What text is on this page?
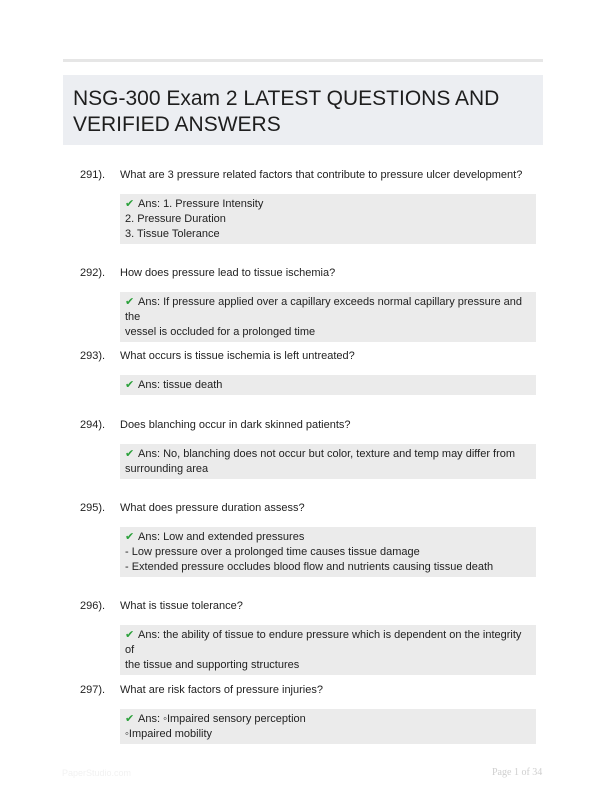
NSG-300 Exam 2 LATEST QUESTIONS AND VERIFIED ANSWERS
291). What are 3 pressure related factors that contribute to pressure ulcer development?
✔ Ans: 1. Pressure Intensity
2. Pressure Duration
3. Tissue Tolerance
292). How does pressure lead to tissue ischemia?
✔ Ans: If pressure applied over a capillary exceeds normal capillary pressure and the
vessel is occluded for a prolonged time
293). What occurs is tissue ischemia is left untreated?
✔ Ans: tissue death
294). Does blanching occur in dark skinned patients?
✔ Ans: No, blanching does not occur but color, texture and temp may differ from
surrounding area
295). What does pressure duration assess?
✔ Ans: Low and extended pressures
- Low pressure over a prolonged time causes tissue damage
- Extended pressure occludes blood flow and nutrients causing tissue death
296). What is tissue tolerance?
✔ Ans: the ability of tissue to endure pressure which is dependent on the integrity of
the tissue and supporting structures
297). What are risk factors of pressure injuries?
✔ Ans: ◦Impaired sensory perception
◦Impaired mobility
PaperStudio.com	Page 1 of 34
